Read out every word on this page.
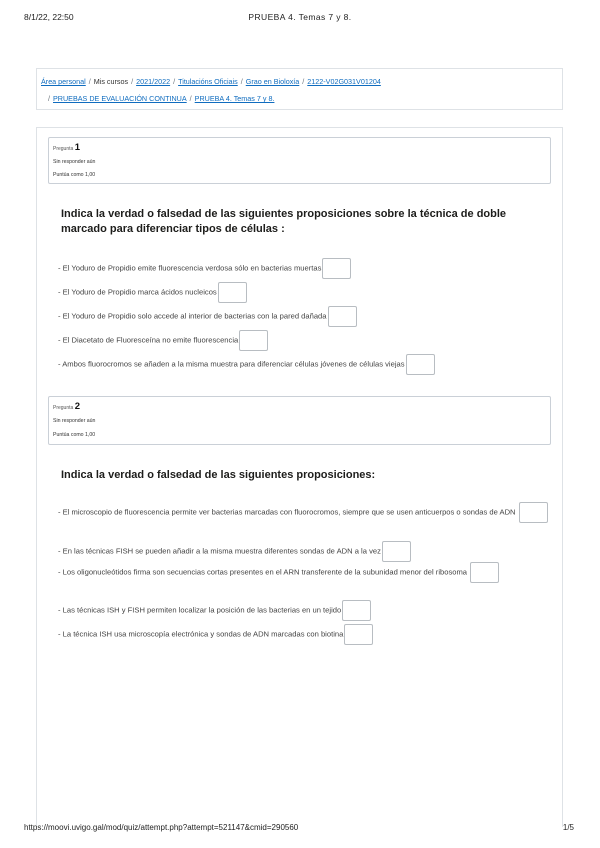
8/1/22, 22:50	PRUEBA 4. Temas 7 y 8.
Área personal / Mis cursos / 2021/2022 / Titulacións Oficiais / Grao en Bioloxía / 2122-V02G031V01204
/ PRUEBAS DE EVALUACIÓN CONTINUA / PRUEBA 4. Temas 7 y 8.
Pregunta 1
Sin responder aún
Puntúa como 1,00
Indica la verdad o falsedad de las siguientes proposiciones sobre la técnica de doble marcado para diferenciar tipos de células :
- El Yoduro de Propidio emite fluorescencia verdosa sólo en bacterias muertas
- El Yoduro de Propidio marca ácidos nucleicos
- El Yoduro de Propidio solo accede al interior de bacterias con la pared dañada
- El Diacetato de Fluoresceína no emite fluorescencia
- Ambos fluorocromos se añaden a la misma muestra para diferenciar células jóvenes de células viejas
Pregunta 2
Sin responder aún
Puntúa como 1,00
Indica la verdad o falsedad de las siguientes proposiciones:
- El microscopio de fluorescencia permite ver bacterias marcadas con fluorocromos, siempre que se usen anticuerpos o sondas de ADN
- En las técnicas FISH se pueden añadir a la misma muestra diferentes sondas de ADN a la vez
- Los oligonucleótidos firma son secuencias cortas presentes en el ARN transferente de la subunidad menor del ribosoma
- Las técnicas ISH y FISH permiten localizar la posición de las bacterias en un tejido
- La técnica ISH usa microscopía electrónica y sondas de ADN marcadas con biotina
https://moovi.uvigo.gal/mod/quiz/attempt.php?attempt=521147&cmid=290560	1/5
